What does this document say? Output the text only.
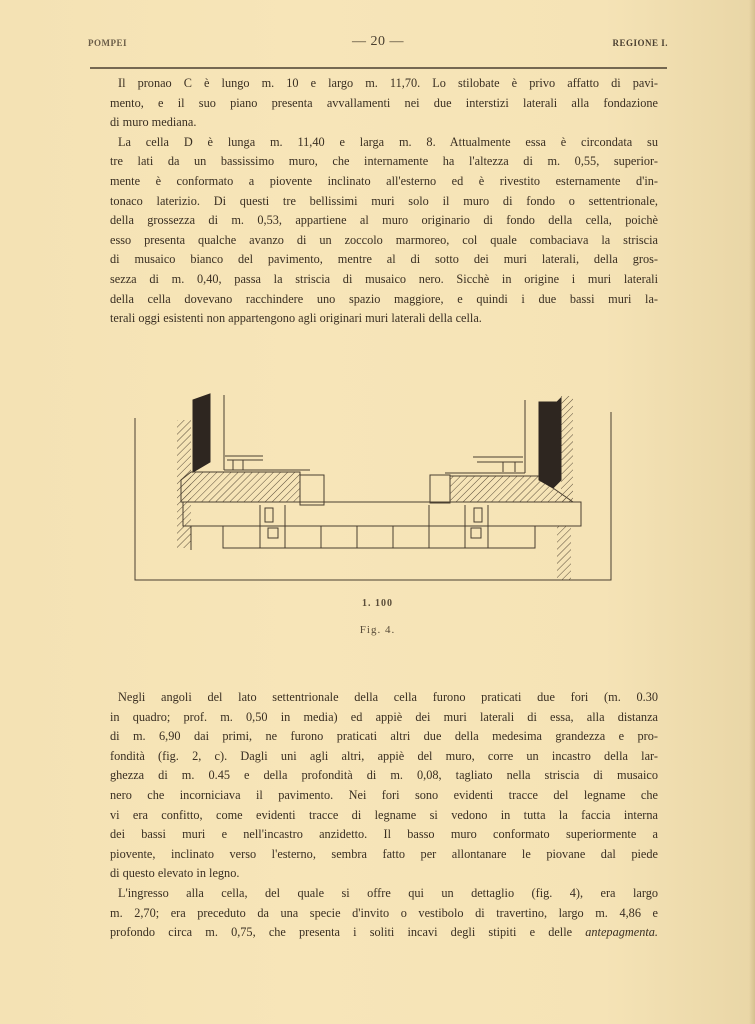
POMPEI	— 20 —	REGIONE I.
Il pronao C è lungo m. 10 e largo m. 11,70. Lo stilobate è privo affatto di pavi-
mento, e il suo piano presenta avvallamenti nei due interstizi laterali alla fondazione
di muro mediana.
La cella D è lunga m. 11,40 e larga m. 8. Attualmente essa è circondata su
tre lati da un bassissimo muro, che internamente ha l'altezza di m. 0,55, superior-
mente è conformato a piovente inclinato all'esterno ed è rivestito esternamente d'in-
tonaco laterizio. Di questi tre bellissimi muri solo il muro di fondo o settentrionale,
della grossezza di m. 0,53, appartiene al muro originario di fondo della cella, poichè
esso presenta qualche avanzo di un zoccolo marmoreo, col quale combaciava la striscia
di musaico bianco del pavimento, mentre al di sotto dei muri laterali, della gros-
sezza di m. 0,40, passa la striscia di musaico nero. Sicchè in origine i muri laterali
della cella dovevano racchindere uno spazio maggiore, e quindi i due bassi muri la-
terali oggi esistenti non appartengono agli originari muri laterali della cella.
1. 100
Fig. 4.
Negli angoli del lato settentrionale della cella furono praticati due fori (m. 0.30
in quadro; prof. m. 0,50 in media) ed appiè dei muri laterali di essa, alla distanza
di m. 6,90 dai primi, ne furono praticati altri due della medesima grandezza e pro-
fondità (fig. 2, c). Dagli uni agli altri, appiè del muro, corre un incastro della lar-
ghezza di m. 0.45 e della profondità di m. 0,08, tagliato nella striscia di musaico
nero che incorniciava il pavimento. Nei fori sono evidenti tracce del legname che
vi era confitto, come evidenti tracce di legname si vedono in tutta la faccia interna
dei bassi muri e nell'incastro anzidetto. Il basso muro conformato superiormente a
piovente, inclinato verso l'esterno, sembra fatto per allontanare le piovane dal piede
di questo elevato in legno.
L'ingresso alla cella, del quale si offre qui un dettaglio (fig. 4), era largo
m. 2,70; era preceduto da una specie d'invito o vestibolo di travertino, largo m. 4,86 e
profondo circa m. 0,75, che presenta i soliti incavi degli stipiti e delle antepagmenta.
